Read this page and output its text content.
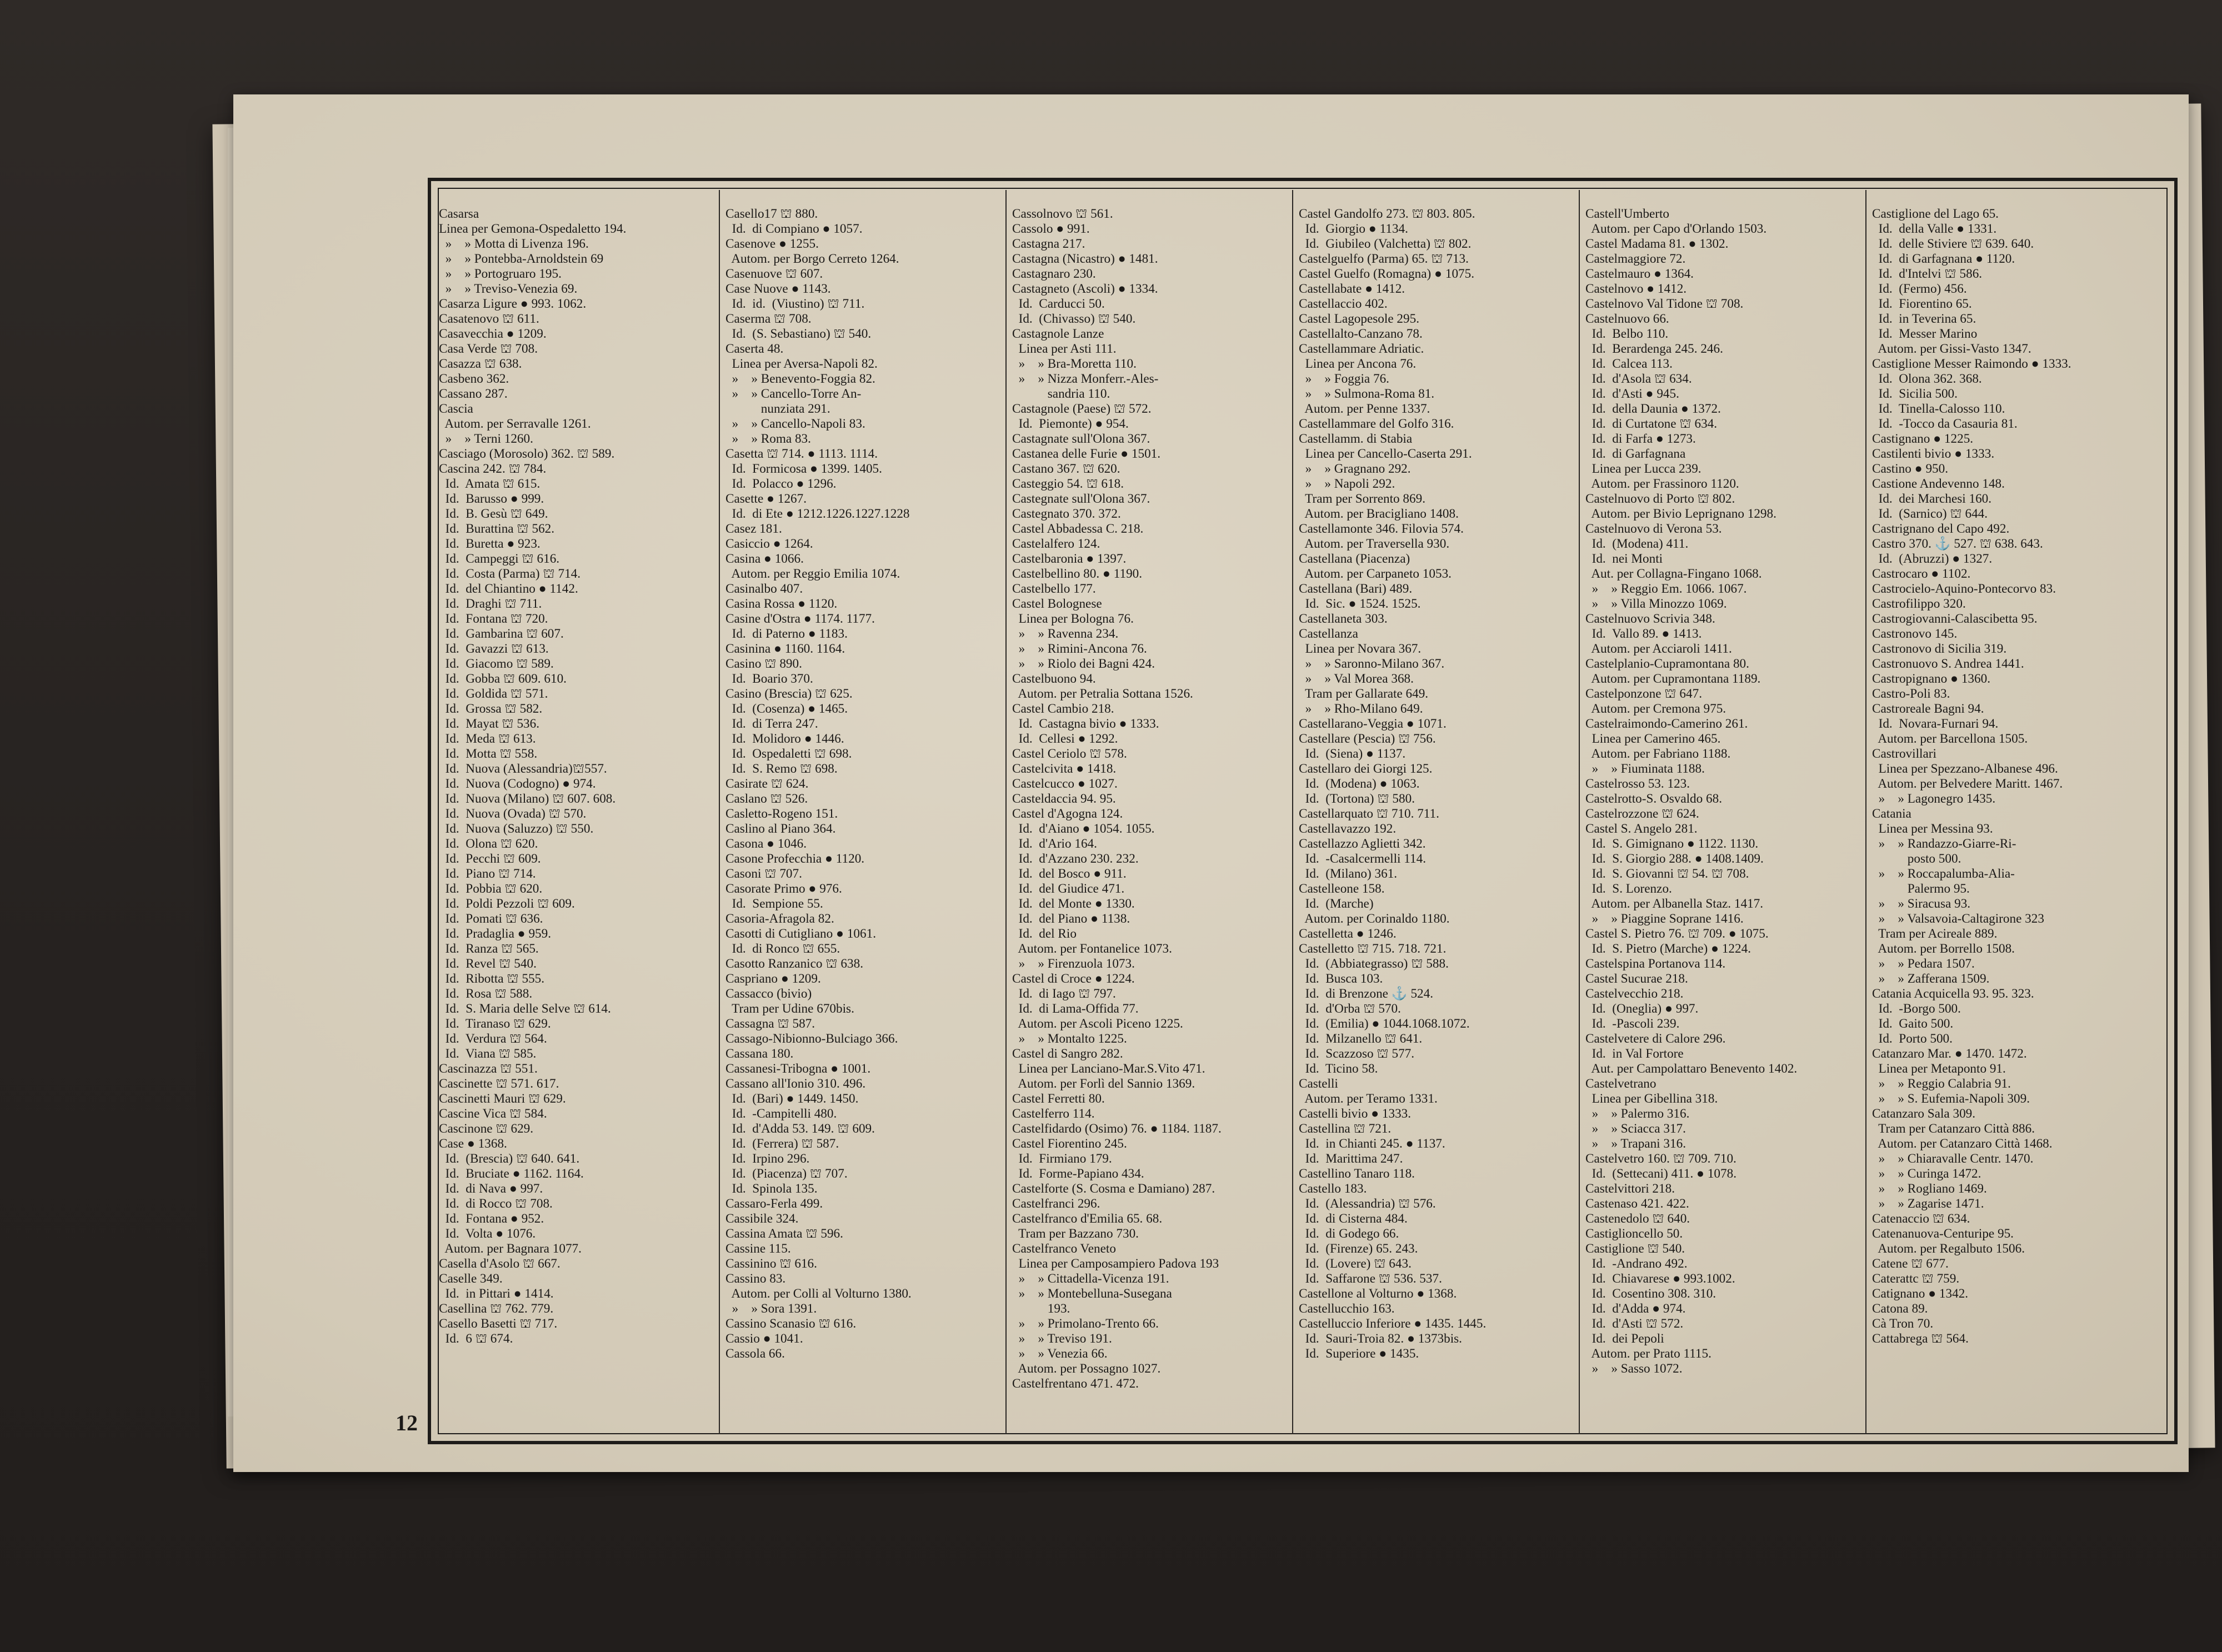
Casarsa
Linea per Gemona-Ospedaletto 194.
»    » Motta di Livenza 196.
»    » Pontebba-Arnoldstein 69
»    » Portogruaro 195.
»    » Treviso-Venezia 69.
Casarza Ligure ● 993. 1062.
Casatenovo ⛫ 611.
Casavecchia ● 1209.
Casa Verde ⛫ 708.
Casazza ⛫ 638.
Casbeno 362.
Cassano 287.
Cascia
Autom. per Serravalle 1261.
»    » Terni 1260.
Casciago (Morosolo) 362. ⛫ 589.
Cascina 242. ⛫ 784.
Id.  Amata ⛫ 615.
Id.  Barusso ● 999.
Id.  B. Gesù ⛫ 649.
Id.  Burattina ⛫ 562.
Id.  Buretta ● 923.
Id.  Campeggi ⛫ 616.
Id.  Costa (Parma) ⛫ 714.
Id.  del Chiantino ● 1142.
Id.  Draghi ⛫ 711.
Id.  Fontana ⛫ 720.
Id.  Gambarina ⛫ 607.
Id.  Gavazzi ⛫ 613.
Id.  Giacomo ⛫ 589.
Id.  Gobba ⛫ 609. 610.
Id.  Goldida ⛫ 571.
Id.  Grossa ⛫ 582.
Id.  Mayat ⛫ 536.
Id.  Meda ⛫ 613.
Id.  Motta ⛫ 558.
Id.  Nuova (Alessandria)⛫557.
Id.  Nuova (Codogno) ● 974.
Id.  Nuova (Milano) ⛫ 607. 608.
Id.  Nuova (Ovada) ⛫ 570.
Id.  Nuova (Saluzzo) ⛫ 550.
Id.  Olona ⛫ 620.
Id.  Pecchi ⛫ 609.
Id.  Piano ⛫ 714.
Id.  Pobbia ⛫ 620.
Id.  Poldi Pezzoli ⛫ 609.
Id.  Pomati ⛫ 636.
Id.  Pradaglia ● 959.
Id.  Ranza ⛫ 565.
Id.  Revel ⛫ 540.
Id.  Ribotta ⛫ 555.
Id.  Rosa ⛫ 588.
Id.  S. Maria delle Selve ⛫ 614.
Id.  Tiranaso ⛫ 629.
Id.  Verdura ⛫ 564.
Id.  Viana ⛫ 585.
Cascinazza ⛫ 551.
Cascinette ⛫ 571. 617.
Cascinetti Mauri ⛫ 629.
Cascine Vica ⛫ 584.
Cascinone ⛫ 629.
Case ● 1368.
Id.  (Brescia) ⛫ 640. 641.
Id.  Bruciate ● 1162. 1164.
Id.  di Nava ● 997.
Id.  di Rocco ⛫ 708.
Id.  Fontana ● 952.
Id.  Volta ● 1076.
Autom. per Bagnara 1077.
Casella d'Asolo ⛫ 667.
Caselle 349.
Id.  in Pittari ● 1414.
Casellina ⛫ 762. 779.
Casello Basetti ⛫ 717.
Id.  6 ⛫ 674.
Casello17 ⛫ 880.
Id.  di Compiano ● 1057.
Casenove ● 1255.
Autom. per Borgo Cerreto 1264.
Casenuove ⛫ 607.
Case Nuove ● 1143.
Id.  id.  (Viustino) ⛫ 711.
Caserma ⛫ 708.
Id.  (S. Sebastiano) ⛫ 540.
Caserta 48.
Linea per Aversa-Napoli 82.
»    » Benevento-Foggia 82.
»    » Cancello-Torre An-
nunziata 291.
»    » Cancello-Napoli 83.
»    » Roma 83.
Casetta ⛫ 714. ● 1113. 1114.
Id.  Formicosa ● 1399. 1405.
Id.  Polacco ● 1296.
Casette ● 1267.
Id.  di Ete ● 1212.1226.1227.1228
Casez 181.
Casiccio ● 1264.
Casina ● 1066.
Autom. per Reggio Emilia 1074.
Casinalbo 407.
Casina Rossa ● 1120.
Casine d'Ostra ● 1174. 1177.
Id.  di Paterno ● 1183.
Casinina ● 1160. 1164.
Casino ⛫ 890.
Id.  Boario 370.
Casino (Brescia) ⛫ 625.
Id.  (Cosenza) ● 1465.
Id.  di Terra 247.
Id.  Molidoro ● 1446.
Id.  Ospedaletti ⛫ 698.
Id.  S. Remo ⛫ 698.
Casirate ⛫ 624.
Caslano ⛫ 526.
Casletto-Rogeno 151.
Caslino al Piano 364.
Casona ● 1046.
Casone Profecchia ● 1120.
Casoni ⛫ 707.
Casorate Primo ● 976.
Id.  Sempione 55.
Casoria-Afragola 82.
Casotti di Cutigliano ● 1061.
Id.  di Ronco ⛫ 655.
Casotto Ranzanico ⛫ 638.
Caspriano ● 1209.
Cassacco (bivio)
Tram per Udine 670bis.
Cassagna ⛫ 587.
Cassago-Nibionno-Bulciago 366.
Cassana 180.
Cassanesi-Tribogna ● 1001.
Cassano all'Ionio 310. 496.
Id.  (Bari) ● 1449. 1450.
Id.  -Campitelli 480.
Id.  d'Adda 53. 149. ⛫ 609.
Id.  (Ferrera) ⛫ 587.
Id.  Irpino 296.
Id.  (Piacenza) ⛫ 707.
Id.  Spinola 135.
Cassaro-Ferla 499.
Cassibile 324.
Cassina Amata ⛫ 596.
Cassine 115.
Cassinino ⛫ 616.
Cassino 83.
Autom. per Colli al Volturno 1380.
»    » Sora 1391.
Cassino Scanasio ⛫ 616.
Cassio ● 1041.
Cassola 66.
Cassolnovo ⛫ 561.
Cassolo ● 991.
Castagna 217.
Castagna (Nicastro) ● 1481.
Castagnaro 230.
Castagneto (Ascoli) ● 1334.
Id.  Carducci 50.
Id.  (Chivasso) ⛫ 540.
Castagnole Lanze
Linea per Asti 111.
»    » Bra-Moretta 110.
»    » Nizza Monferr.-Ales-
sandria 110.
Castagnole (Paese) ⛫ 572.
Id.  Piemonte) ● 954.
Castagnate sull'Olona 367.
Castanea delle Furie ● 1501.
Castano 367. ⛫ 620.
Casteggio 54. ⛫ 618.
Castegnate sull'Olona 367.
Castegnato 370. 372.
Castel Abbadessa C. 218.
Castelalfero 124.
Castelbaronia ● 1397.
Castelbellino 80. ● 1190.
Castelbello 177.
Castel Bolognese
Linea per Bologna 76.
»    » Ravenna 234.
»    » Rimini-Ancona 76.
»    » Riolo dei Bagni 424.
Castelbuono 94.
Autom. per Petralia Sottana 1526.
Castel Cambio 218.
Id.  Castagna bivio ● 1333.
Id.  Cellesi ● 1292.
Castel Ceriolo ⛫ 578.
Castelcivita ● 1418.
Castelcucco ● 1027.
Casteldaccia 94. 95.
Castel d'Agogna 124.
Id.  d'Aiano ● 1054. 1055.
Id.  d'Ario 164.
Id.  d'Azzano 230. 232.
Id.  del Bosco ● 911.
Id.  del Giudice 471.
Id.  del Monte ● 1330.
Id.  del Piano ● 1138.
Id.  del Rio
Autom. per Fontanelice 1073.
»    » Firenzuola 1073.
Castel di Croce ● 1224.
Id.  di Iago ⛫ 797.
Id.  di Lama-Offida 77.
Autom. per Ascoli Piceno 1225.
»    » Montalto 1225.
Castel di Sangro 282.
Linea per Lanciano-Mar.S.Vito 471.
Autom. per Forlì del Sannio 1369.
Castel Ferretti 80.
Castelferro 114.
Castelfidardo (Osimo) 76. ● 1184. 1187.
Castel Fiorentino 245.
Id.  Firmiano 179.
Id.  Forme-Papiano 434.
Castelforte (S. Cosma e Damiano) 287.
Castelfranci 296.
Castelfranco d'Emilia 65. 68.
Tram per Bazzano 730.
Castelfranco Veneto
Linea per Camposampiero Padova 193
»    » Cittadella-Vicenza 191.
»    » Montebelluna-Susegana
193.
»    » Primolano-Trento 66.
»    » Treviso 191.
»    » Venezia 66.
Autom. per Possagno 1027.
Castelfrentano 471. 472.
Castel Gandolfo 273. ⛫ 803. 805.
Id.  Giorgio ● 1134.
Id.  Giubileo (Valchetta) ⛫ 802.
Castelguelfo (Parma) 65. ⛫ 713.
Castel Guelfo (Romagna) ● 1075.
Castellabate ● 1412.
Castellaccio 402.
Castel Lagopesole 295.
Castellalto-Canzano 78.
Castellammare Adriatic.
Linea per Ancona 76.
»    » Foggia 76.
»    » Sulmona-Roma 81.
Autom. per Penne 1337.
Castellammare del Golfo 316.
Castellamm. di Stabia
Linea per Cancello-Caserta 291.
»    » Gragnano 292.
»    » Napoli 292.
Tram per Sorrento 869.
Autom. per Bracigliano 1408.
Castellamonte 346. Filovia 574.
Autom. per Traversella 930.
Castellana (Piacenza)
Autom. per Carpaneto 1053.
Castellana (Bari) 489.
Id.  Sic. ● 1524. 1525.
Castellaneta 303.
Castellanza
Linea per Novara 367.
»    » Saronno-Milano 367.
»    » Val Morea 368.
Tram per Gallarate 649.
»    » Rho-Milano 649.
Castellarano-Veggia ● 1071.
Castellare (Pescia) ⛫ 756.
Id.  (Siena) ● 1137.
Castellaro dei Giorgi 125.
Id.  (Modena) ● 1063.
Id.  (Tortona) ⛫ 580.
Castellarquato ⛫ 710. 711.
Castellavazzo 192.
Castellazzo Aglietti 342.
Id.  -Casalcermelli 114.
Id.  (Milano) 361.
Castelleone 158.
Id.  (Marche)
Autom. per Corinaldo 1180.
Castelletta ● 1246.
Castelletto ⛫ 715. 718. 721.
Id.  (Abbiategrasso) ⛫ 588.
Id.  Busca 103.
Id.  di Brenzone ⚓ 524.
Id.  d'Orba ⛫ 570.
Id.  (Emilia) ● 1044.1068.1072.
Id.  Milzanello ⛫ 641.
Id.  Scazzoso ⛫ 577.
Id.  Ticino 58.
Castelli
Autom. per Teramo 1331.
Castelli bivio ● 1333.
Castellina ⛫ 721.
Id.  in Chianti 245. ● 1137.
Id.  Marittima 247.
Castellino Tanaro 118.
Castello 183.
Id.  (Alessandria) ⛫ 576.
Id.  di Cisterna 484.
Id.  di Godego 66.
Id.  (Firenze) 65. 243.
Id.  (Lovere) ⛫ 643.
Id.  Saffarone ⛫ 536. 537.
Castellone al Volturno ● 1368.
Castellucchio 163.
Castelluccio Inferiore ● 1435. 1445.
Id.  Sauri-Troia 82. ● 1373bis.
Id.  Superiore ● 1435.
Castell'Umberto
Autom. per Capo d'Orlando 1503.
Castel Madama 81. ● 1302.
Castelmaggiore 72.
Castelmauro ● 1364.
Castelnovo ● 1412.
Castelnovo Val Tidone ⛫ 708.
Castelnuovo 66.
Id.  Belbo 110.
Id.  Berardenga 245. 246.
Id.  Calcea 113.
Id.  d'Asola ⛫ 634.
Id.  d'Asti ● 945.
Id.  della Daunia ● 1372.
Id.  di Curtatone ⛫ 634.
Id.  di Farfa ● 1273.
Id.  di Garfagnana
Linea per Lucca 239.
Autom. per Frassinoro 1120.
Castelnuovo di Porto ⛫ 802.
Autom. per Bivio Leprignano 1298.
Castelnuovo di Verona 53.
Id.  (Modena) 411.
Id.  nei Monti
Aut. per Collagna-Fingano 1068.
»    » Reggio Em. 1066. 1067.
»    » Villa Minozzo 1069.
Castelnuovo Scrivia 348.
Id.  Vallo 89. ● 1413.
Autom. per Acciaroli 1411.
Castelplanio-Cupramontana 80.
Autom. per Cupramontana 1189.
Castelponzone ⛫ 647.
Autom. per Cremona 975.
Castelraimondo-Camerino 261.
Linea per Camerino 465.
Autom. per Fabriano 1188.
»    » Fiuminata 1188.
Castelrosso 53. 123.
Castelrotto-S. Osvaldo 68.
Castelrozzone ⛫ 624.
Castel S. Angelo 281.
Id.  S. Gimignano ● 1122. 1130.
Id.  S. Giorgio 288. ● 1408.1409.
Id.  S. Giovanni ⛫ 54. ⛫ 708.
Id.  S. Lorenzo.
Autom. per Albanella Staz. 1417.
»    » Piaggine Soprane 1416.
Castel S. Pietro 76. ⛫ 709. ● 1075.
Id.  S. Pietro (Marche) ● 1224.
Castelspina Portanova 114.
Castel Sucurae 218.
Castelvecchio 218.
Id.  (Oneglia) ● 997.
Id.  -Pascoli 239.
Castelvetere di Calore 296.
Id.  in Val Fortore
Aut. per Campolattaro Benevento 1402.
Castelvetrano
Linea per Gibellina 318.
»    » Palermo 316.
»    » Sciacca 317.
»    » Trapani 316.
Castelvetro 160. ⛫ 709. 710.
Id.  (Settecani) 411. ● 1078.
Castelvittori 218.
Castenaso 421. 422.
Castenedolo ⛫ 640.
Castiglioncello 50.
Castiglione ⛫ 540.
Id.  -Andrano 492.
Id.  Chiavarese ● 993.1002.
Id.  Cosentino 308. 310.
Id.  d'Adda ● 974.
Id.  d'Asti ⛫ 572.
Id.  dei Pepoli
Autom. per Prato 1115.
»    » Sasso 1072.
Castiglione del Lago 65.
Id.  della Valle ● 1331.
Id.  delle Stiviere ⛫ 639. 640.
Id.  di Garfagnana ● 1120.
Id.  d'Intelvi ⛫ 586.
Id.  (Fermo) 456.
Id.  Fiorentino 65.
Id.  in Teverina 65.
Id.  Messer Marino
Autom. per Gissi-Vasto 1347.
Castiglione Messer Raimondo ● 1333.
Id.  Olona 362. 368.
Id.  Sicilia 500.
Id.  Tinella-Calosso 110.
Id.  -Tocco da Casauria 81.
Castignano ● 1225.
Castilenti bivio ● 1333.
Castino ● 950.
Castione Andevenno 148.
Id.  dei Marchesi 160.
Id.  (Sarnico) ⛫ 644.
Castrignano del Capo 492.
Castro 370. ⚓ 527. ⛫ 638. 643.
Id.  (Abruzzi) ● 1327.
Castrocaro ● 1102.
Castrocielo-Aquino-Pontecorvo 83.
Castrofilippo 320.
Castrogiovanni-Calascibetta 95.
Castronovo 145.
Castronovo di Sicilia 319.
Castronuovo S. Andrea 1441.
Castropignano ● 1360.
Castro-Poli 83.
Castroreale Bagni 94.
Id.  Novara-Furnari 94.
Autom. per Barcellona 1505.
Castrovillari
Linea per Spezzano-Albanese 496.
Autom. per Belvedere Maritt. 1467.
»    » Lagonegro 1435.
Catania
Linea per Messina 93.
»    » Randazzo-Giarre-Ri-
posto 500.
»    » Roccapalumba-Alia-
Palermo 95.
»    » Siracusa 93.
»    » Valsavoia-Caltagirone 323
Tram per Acireale 889.
Autom. per Borrello 1508.
»    » Pedara 1507.
»    » Zafferana 1509.
Catania Acquicella 93. 95. 323.
Id.  -Borgo 500.
Id.  Gaito 500.
Id.  Porto 500.
Catanzaro Mar. ● 1470. 1472.
Linea per Metaponto 91.
»    » Reggio Calabria 91.
»    » S. Eufemia-Napoli 309.
Catanzaro Sala 309.
Tram per Catanzaro Città 886.
Autom. per Catanzaro Città 1468.
»    » Chiaravalle Centr. 1470.
»    » Curinga 1472.
»    » Rogliano 1469.
»    » Zagarise 1471.
Catenaccio ⛫ 634.
Catenanuova-Centuripe 95.
Autom. per Regalbuto 1506.
Catene ⛫ 677.
Caterattc ⛫ 759.
Catignano ● 1342.
Catona 89.
Cà Tron 70.
Cattabrega ⛫ 564.
12
